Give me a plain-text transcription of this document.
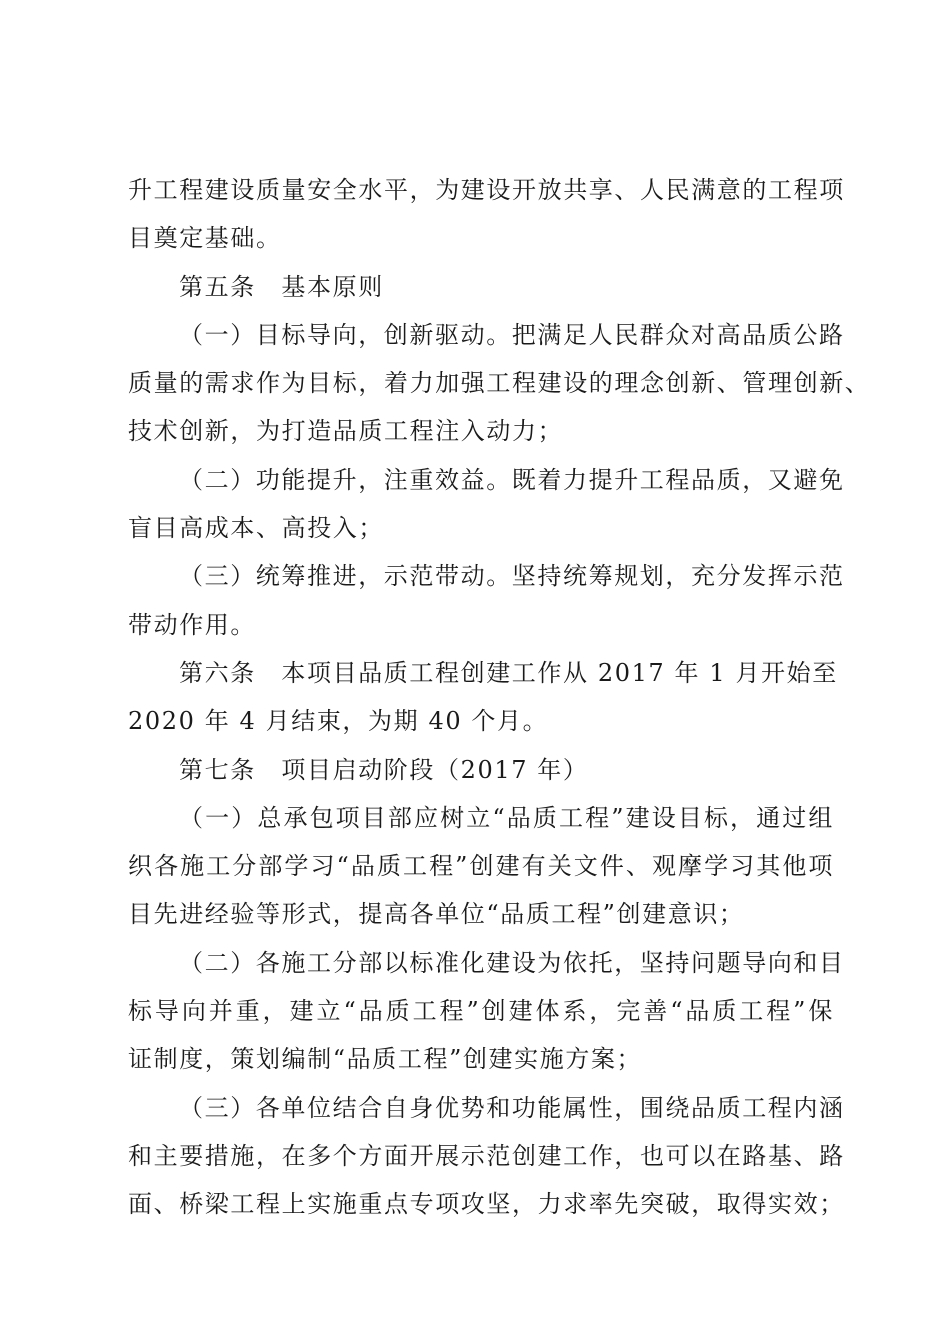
升工程建设质量安全水平，为建设开放共享、人民满意的工程项
目奠定基础。
第五条　基本原则
（一）目标导向，创新驱动。把满足人民群众对高品质公路
质量的需求作为目标，着力加强工程建设的理念创新、管理创新、
技术创新，为打造品质工程注入动力；
（二）功能提升，注重效益。既着力提升工程品质，又避免
盲目高成本、高投入；
（三）统筹推进，示范带动。坚持统筹规划，充分发挥示范
带动作用。
第六条　本项目品质工程创建工作从 2017 年 1 月开始至
2020 年 4 月结束，为期 40 个月。
第七条　项目启动阶段（2017 年）
（一）总承包项目部应树立“品质工程”建设目标，通过组
织各施工分部学习“品质工程”创建有关文件、观摩学习其他项
目先进经验等形式，提高各单位“品质工程”创建意识；
（二）各施工分部以标准化建设为依托，坚持问题导向和目
标导向并重，建立“品质工程”创建体系，完善“品质工程”保
证制度，策划编制“品质工程”创建实施方案；
（三）各单位结合自身优势和功能属性，围绕品质工程内涵
和主要措施，在多个方面开展示范创建工作，也可以在路基、路
面、桥梁工程上实施重点专项攻坚，力求率先突破，取得实效；
